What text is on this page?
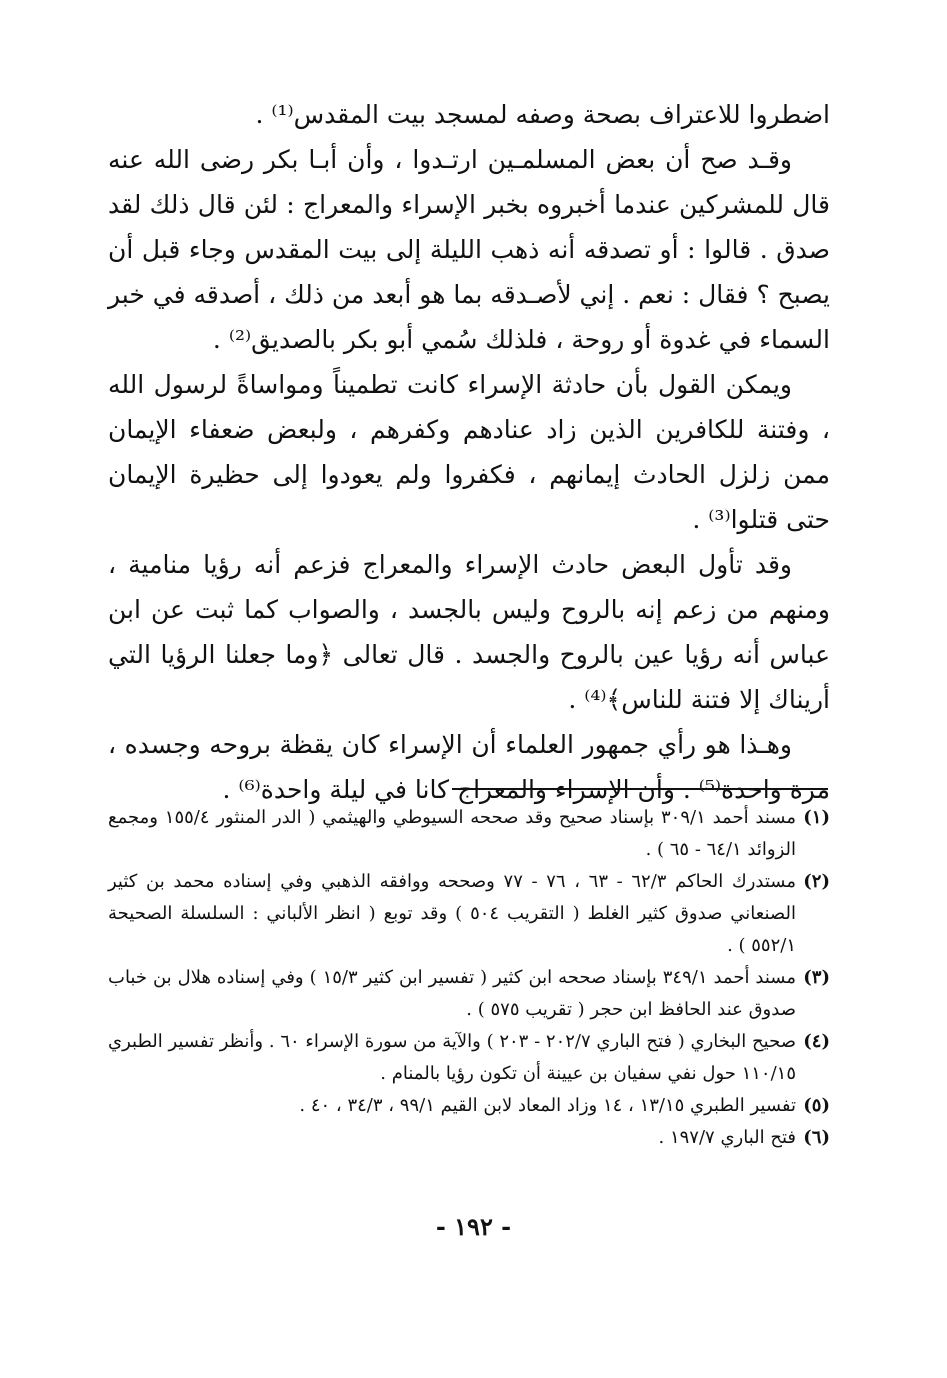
اضطروا للاعتراف بصحة وصفه لمسجد بيت المقدس⁽¹⁾ .

وقـد صح أن بعض المسلمـين ارتـدوا ، وأن أبـا بكر رضى الله عنه قال للمشركين عندما أخبروه بخبر الإسراء والمعراج : لئن قال ذلك لقد صدق . قالوا : أو تصدقه أنه ذهب الليلة إلى بيت المقدس وجاء قبل أن يصبح ؟ فقال : نعم . إني لأصـدقه بما هو أبعد من ذلك ، أصدقه في خبر السماء في غدوة أو روحة ، فلذلك سُمي أبو بكر بالصديق⁽²⁾ .

ويمكن القول بأن حادثة الإسراء كانت تطميناً ومواساةً لرسول الله ، وفتنة للكافرين الذين زاد عنادهم وكفرهم ، ولبعض ضعفاء الإيمان ممن زلزل الحادث إيمانهم ، فكفروا ولم يعودوا إلى حظيرة الإيمان حتى قتلوا⁽³⁾ .

وقد تأول البعض حادث الإسراء والمعراج فزعم أنه رؤيا منامية ، ومنهم من زعم إنه بالروح وليس بالجسد ، والصواب كما ثبت عن ابن عباس أنه رؤيا عين بالروح والجسد . قال تعالى ﴿وما جعلنا الرؤيا التي أريناك إلا فتنة للناس﴾⁽⁴⁾ .

وهـذا هو رأي جمهور العلماء أن الإسراء كان يقظة بروحه وجسده ، مرة واحدة⁽⁵⁾ . وأن الإسراء والمعراج كانا في ليلة واحدة⁽⁶⁾ .

(١)
مسند أحمد ٣٠٩/١ بإسناد صحيح وقد صححه السيوطي والهيثمي ( الدر المنثور ١٥٥/٤ ومجمع الزوائد ٦٤/١ - ٦٥ ) .
(٢)
مستدرك الحاكم ٦٢/٣ - ٦٣ ، ٧٦ - ٧٧ وصححه ووافقه الذهبي وفي إسناده محمد بن كثير الصنعاني صدوق كثير الغلط ( التقريب ٥٠٤ ) وقد توبع ( انظر الألباني : السلسلة الصحيحة ٥٥٢/١ ) .
(٣)
مسند أحمد ٣٤٩/١ بإسناد صححه ابن كثير ( تفسير ابن كثير ١٥/٣ ) وفي إسناده هلال بن خباب صدوق عند الحافظ ابن حجر ( تقريب ٥٧٥ ) .
(٤)
صحيح البخاري ( فتح الباري ٢٠٢/٧ - ٢٠٣ ) والآية من سورة الإسراء ٦٠ . وأنظر تفسير الطبري ١١٠/١٥ حول نفي سفيان بن عيينة أن تكون رؤيا بالمنام .
(٥)
تفسير الطبري ١٣/١٥ ، ١٤ وزاد المعاد لابن القيم ٩٩/١ ، ٣٤/٣ ، ٤٠ .
(٦)
فتح الباري ١٩٧/٧ .
- ١٩٢ -
